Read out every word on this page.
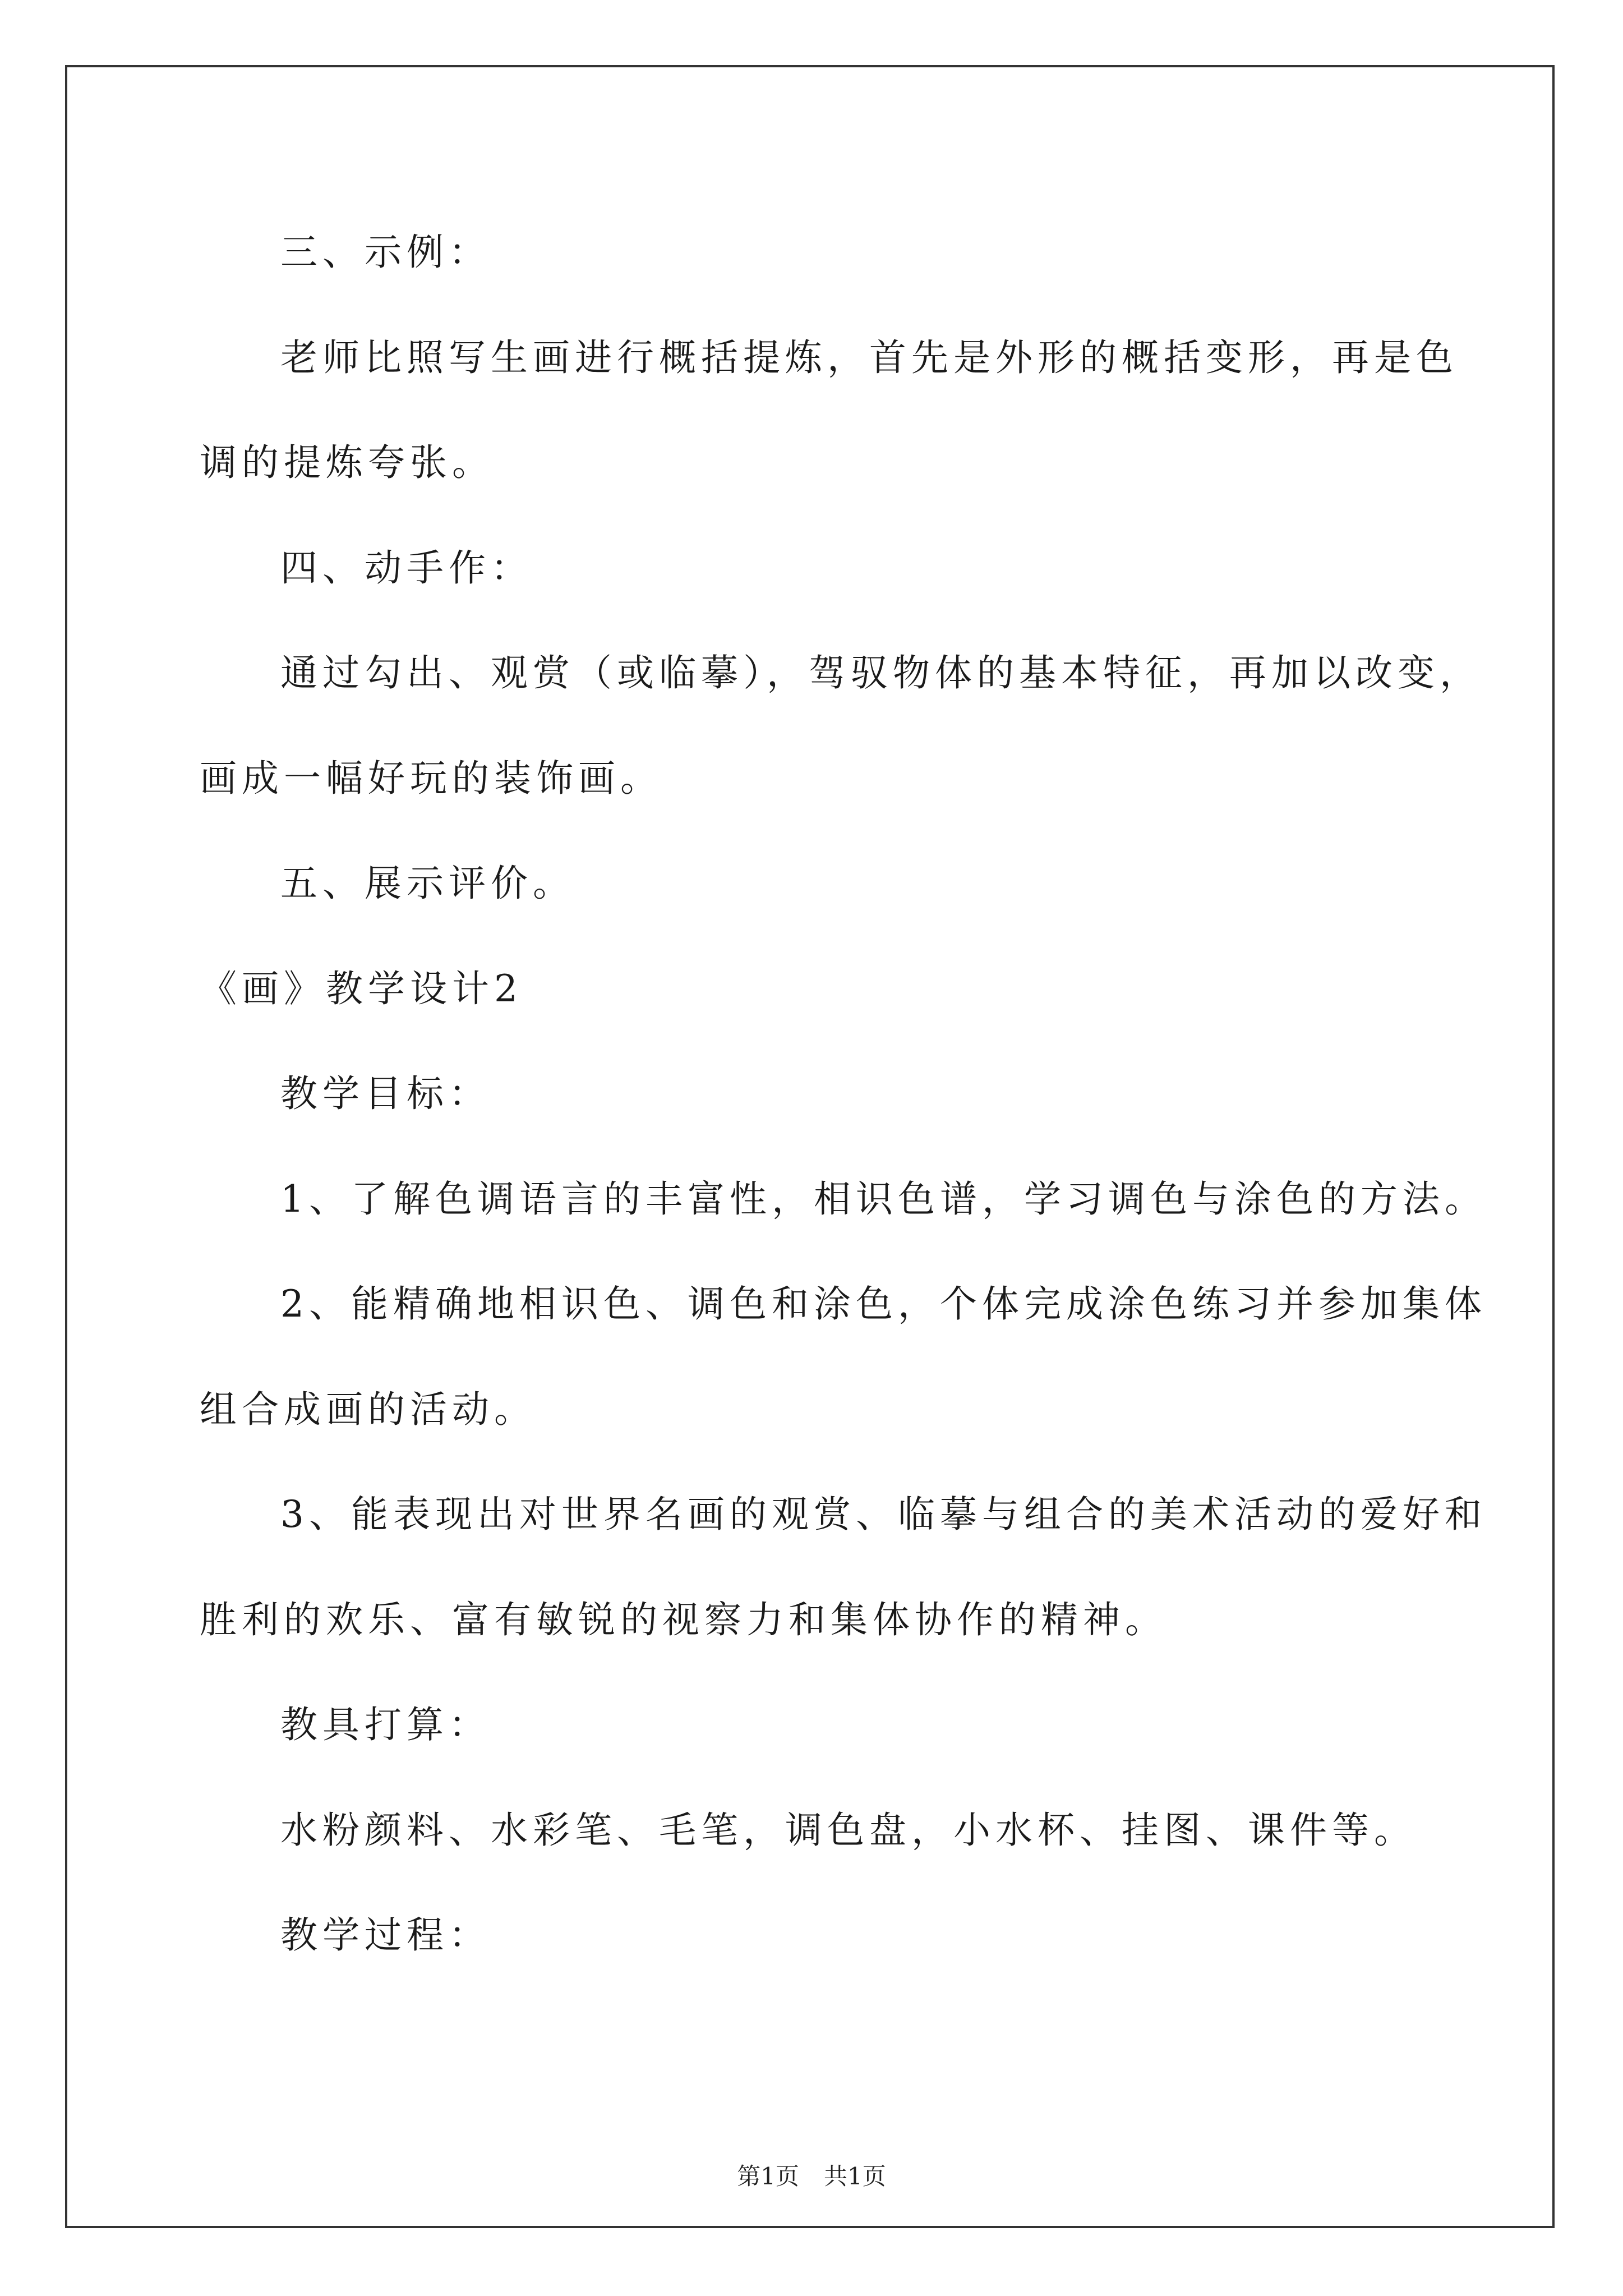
三、示例：
老师比照写生画进行概括提炼，首先是外形的概括变形，再是色
调的提炼夸张。
四、动手作：
通过勾出、观赏（或临摹），驾驭物体的基本特征，再加以改变，
画成一幅好玩的装饰画。
五、展示评价。
《画》教学设计2
教学目标：
1、了解色调语言的丰富性，相识色谱，学习调色与涂色的方法。
2、能精确地相识色、调色和涂色，个体完成涂色练习并参加集体
组合成画的活动。
3、能表现出对世界名画的观赏、临摹与组合的美术活动的爱好和
胜利的欢乐、富有敏锐的视察力和集体协作的精神。
教具打算：
水粉颜料、水彩笔、毛笔，调色盘，小水杯、挂图、课件等。
教学过程：
第1页 共1页
